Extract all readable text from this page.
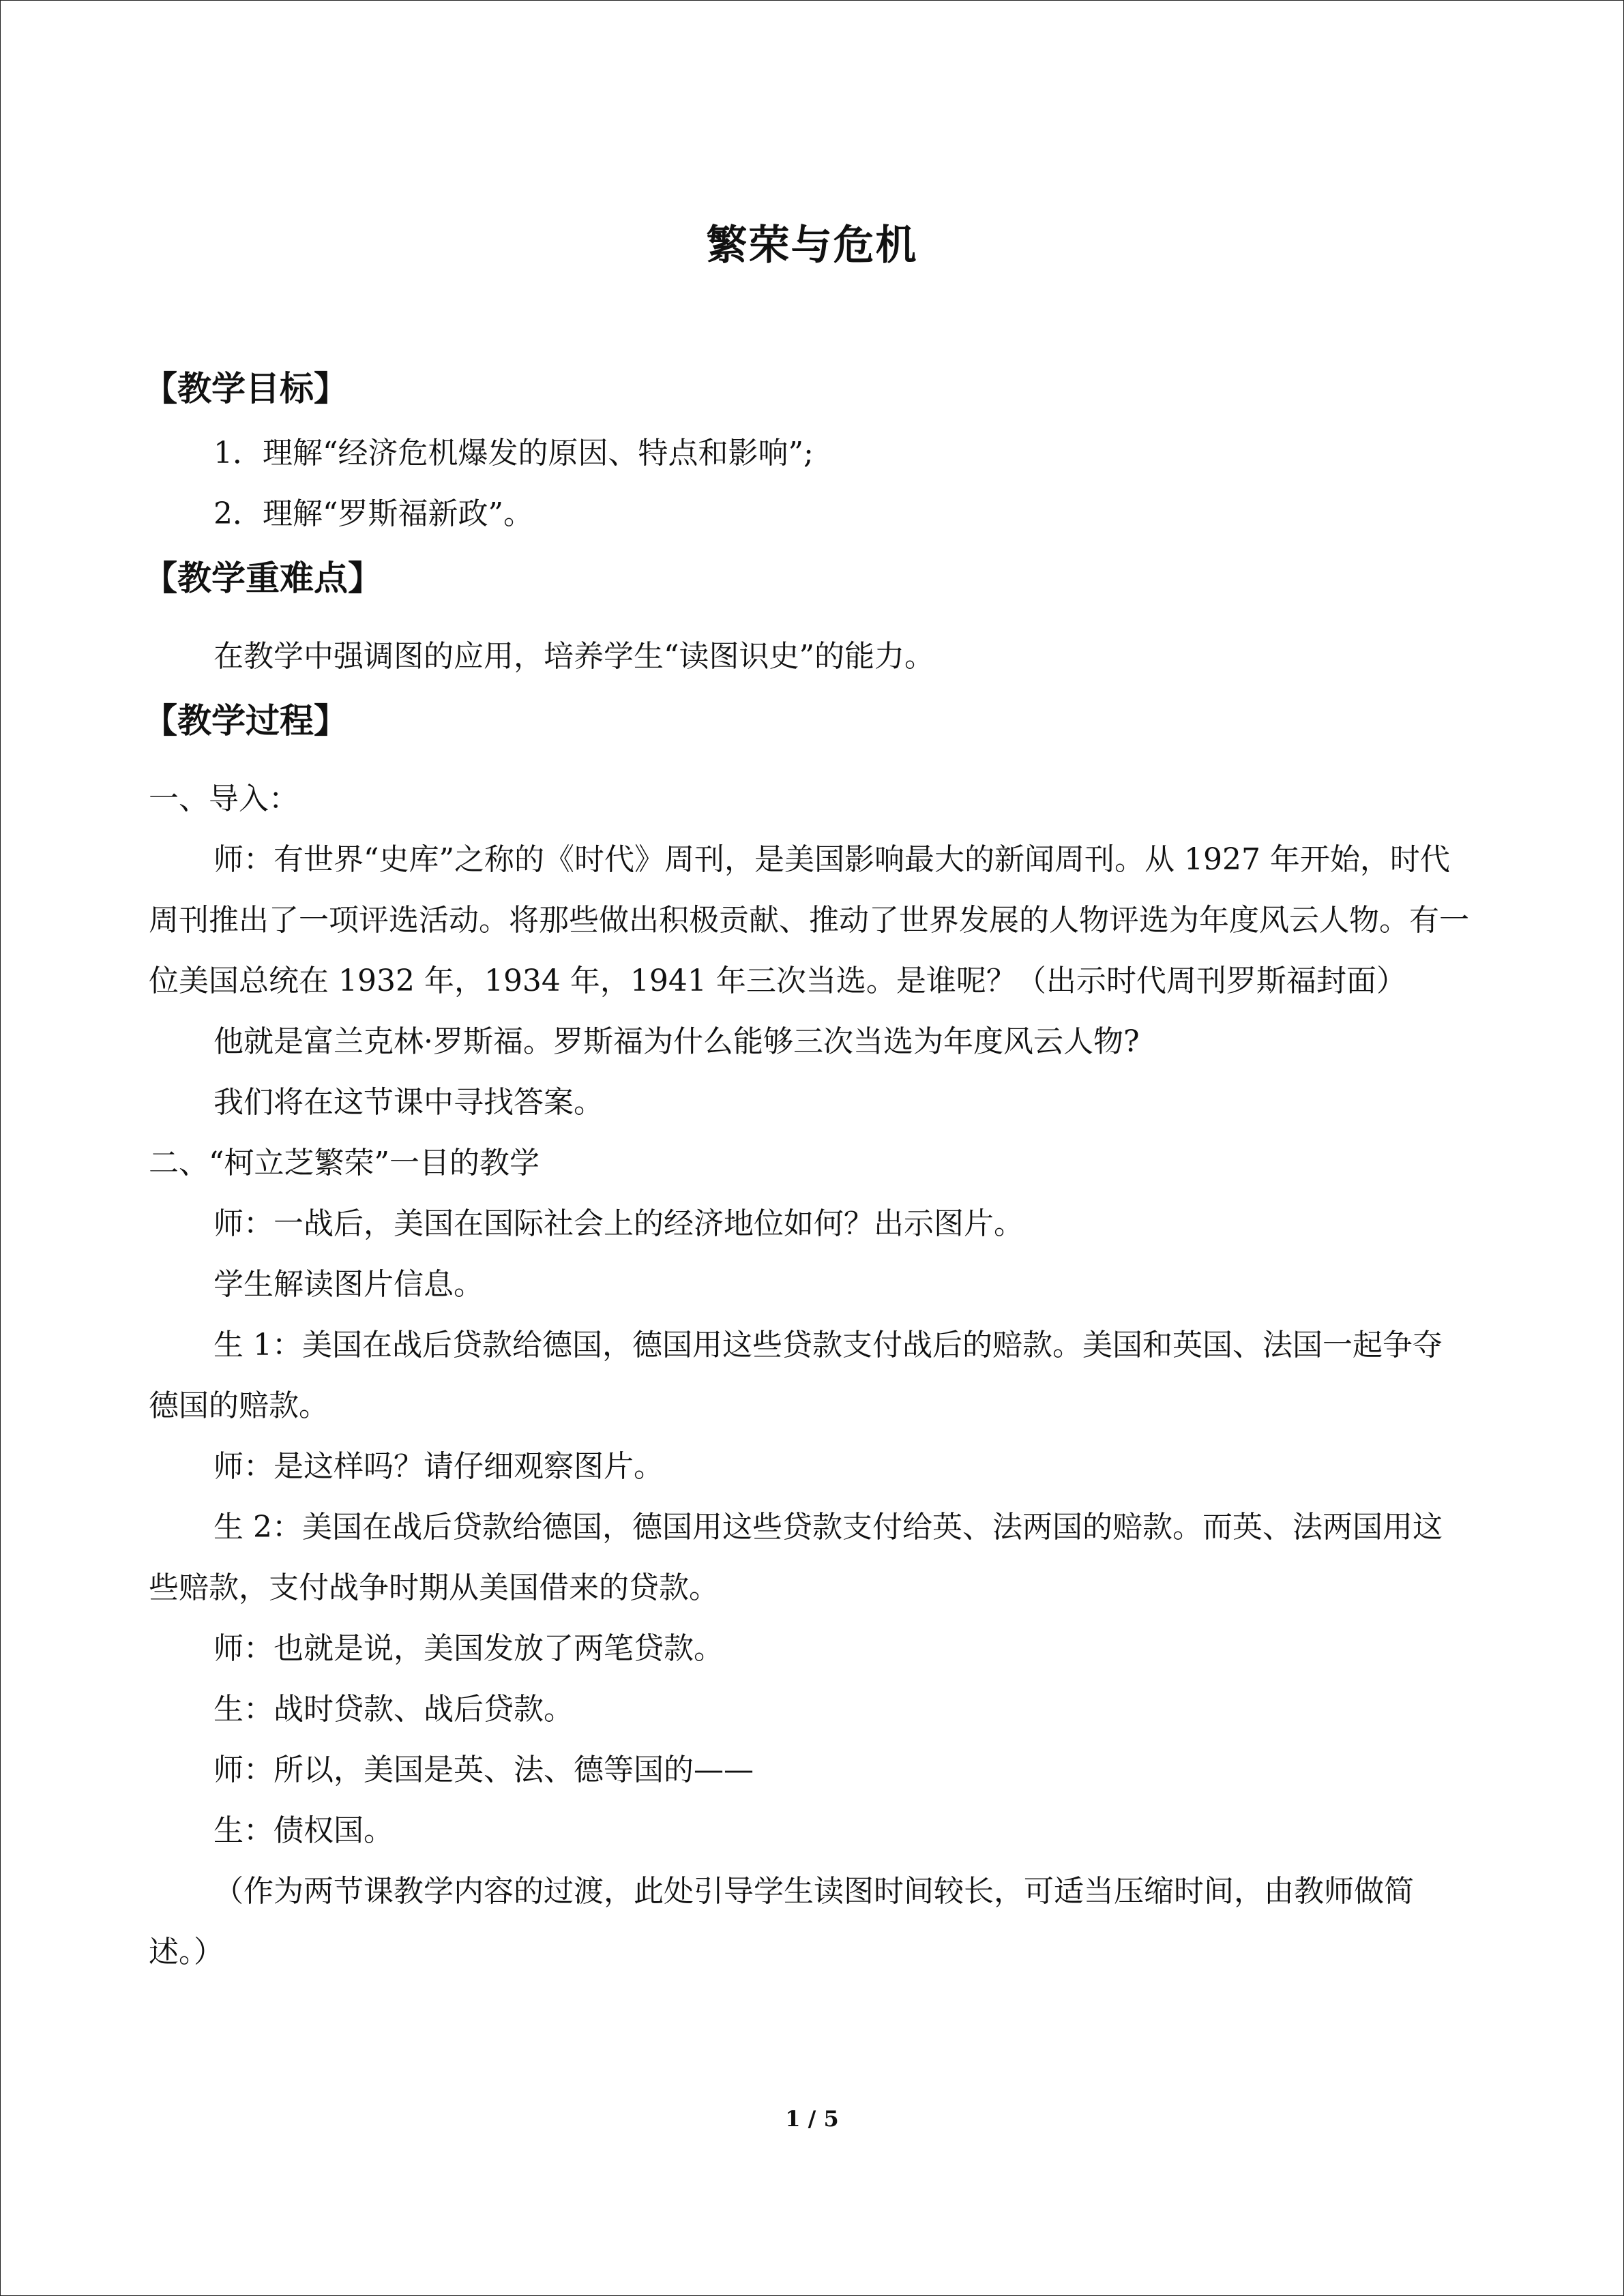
繁荣与危机

【教学目标】

1．理解“经济危机爆发的原因、特点和影响”;

2．理解“罗斯福新政”。

【教学重难点】

在教学中强调图的应用，培养学生“读图识史”的能力。

【教学过程】

一、导入：

师：有世界“史库”之称的《时代》周刊，是美国影响最大的新闻周刊。从 1927 年开始，时代周刊推出了一项评选活动。将那些做出积极贡献、推动了世界发展的人物评选为年度风云人物。有一位美国总统在 1932 年，1934 年，1941 年三次当选。是谁呢？（出示时代周刊罗斯福封面）

他就是富兰克林·罗斯福。罗斯福为什么能够三次当选为年度风云人物?

我们将在这节课中寻找答案。

二、“柯立芝繁荣”一目的教学

师：一战后，美国在国际社会上的经济地位如何？出示图片。

学生解读图片信息。

生 1：美国在战后贷款给德国，德国用这些贷款支付战后的赔款。美国和英国、法国一起争夺德国的赔款。

师：是这样吗？请仔细观察图片。

生 2：美国在战后贷款给德国，德国用这些贷款支付给英、法两国的赔款。而英、法两国用这些赔款，支付战争时期从美国借来的贷款。

师：也就是说，美国发放了两笔贷款。

生：战时贷款、战后贷款。

师：所以，美国是英、法、德等国的——

生：债权国。

（作为两节课教学内容的过渡，此处引导学生读图时间较长，可适当压缩时间，由教师做简述。）

1 / 5
